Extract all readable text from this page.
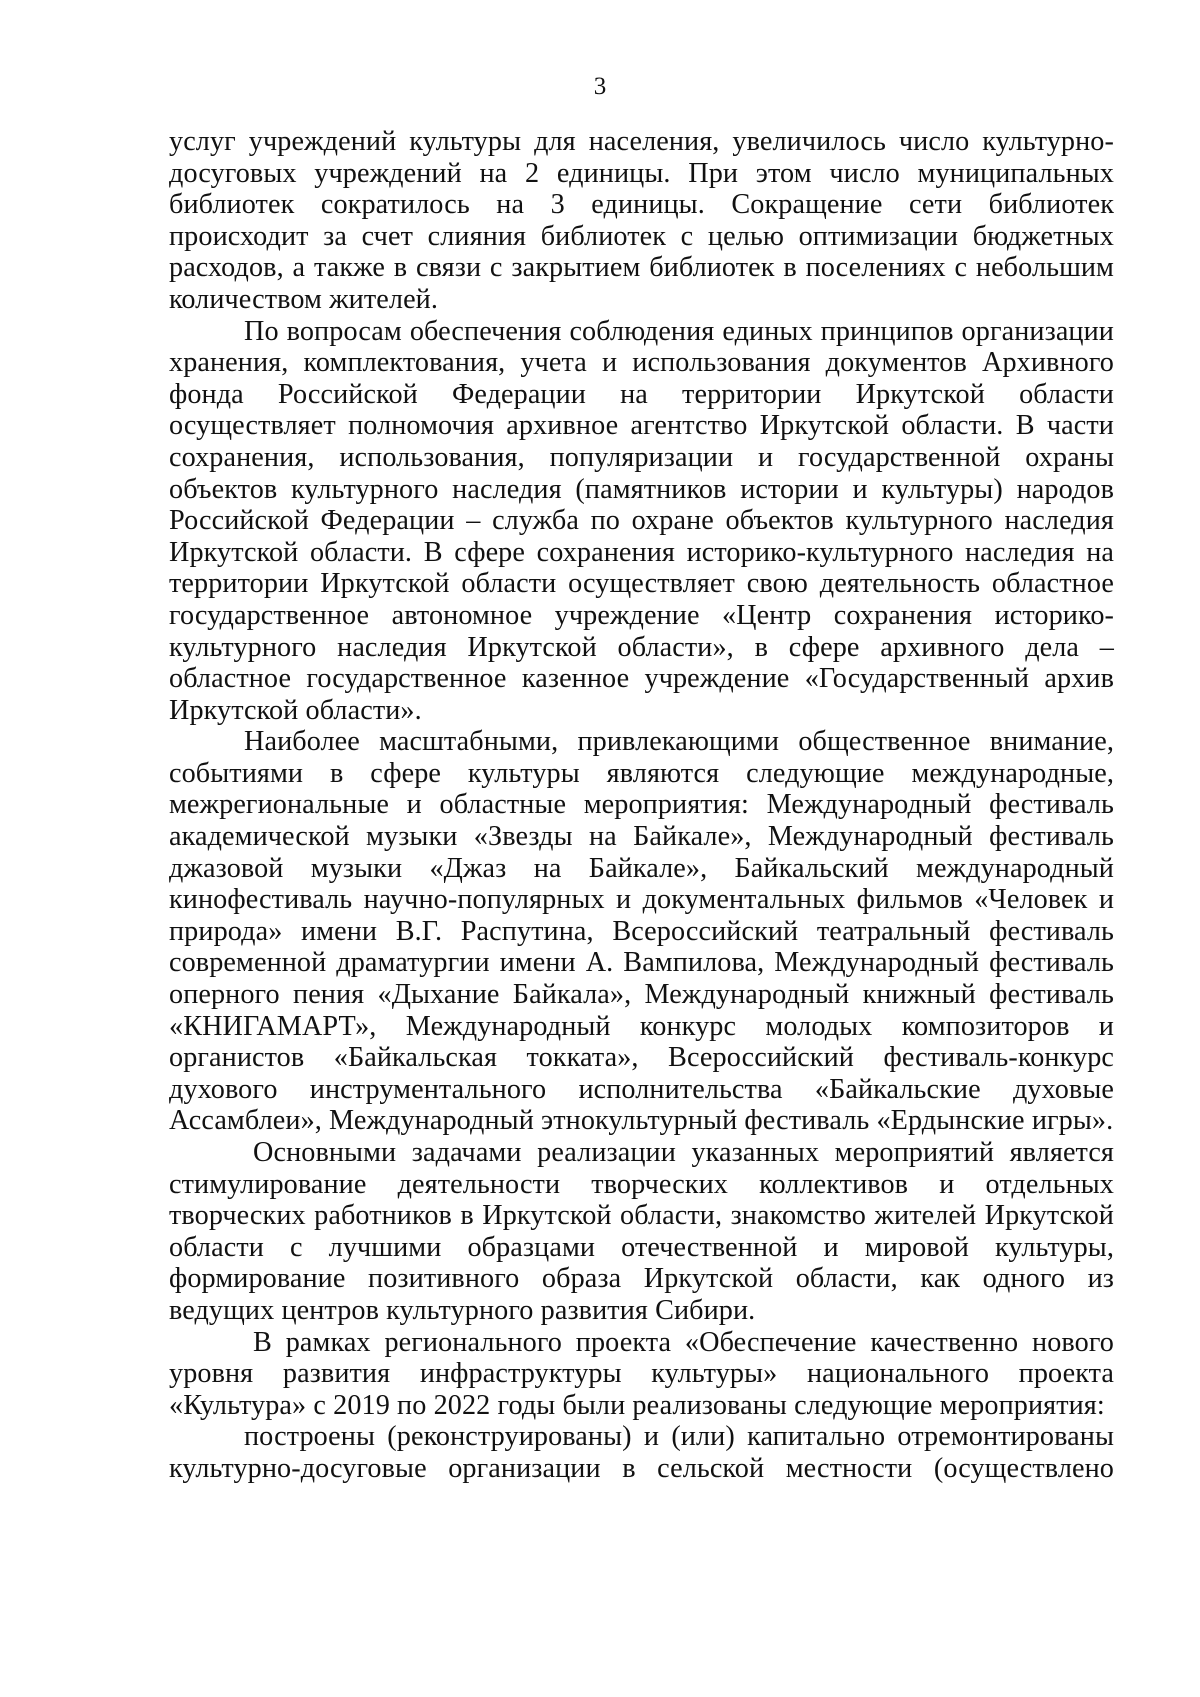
3

услуг учреждений культуры для населения, увеличилось число культурно-досуговых учреждений на 2 единицы. При этом число муниципальных библиотек сократилось на 3 единицы. Сокращение сети библиотек происходит за счет слияния библиотек с целью оптимизации бюджетных расходов, а также в связи с закрытием библиотек в поселениях с небольшим количеством жителей.

По вопросам обеспечения соблюдения единых принципов организации хранения, комплектования, учета и использования документов Архивного фонда Российской Федерации на территории Иркутской области осуществляет полномочия архивное агентство Иркутской области. В части сохранения, использования, популяризации и государственной охраны объектов культурного наследия (памятников истории и культуры) народов Российской Федерации – служба по охране объектов культурного наследия Иркутской области. В сфере сохранения историко-культурного наследия на территории Иркутской области осуществляет свою деятельность областное государственное автономное учреждение «Центр сохранения историко-культурного наследия Иркутской области», в сфере архивного дела – областное государственное казенное учреждение «Государственный архив Иркутской области».

Наиболее масштабными, привлекающими общественное внимание, событиями в сфере культуры являются следующие международные, межрегиональные и областные мероприятия: Международный фестиваль академической музыки «Звезды на Байкале», Международный фестиваль джазовой музыки «Джаз на Байкале», Байкальский международный кинофестиваль научно-популярных и документальных фильмов «Человек и природа» имени В.Г. Распутина, Всероссийский театральный фестиваль современной драматургии имени А. Вампилова, Международный фестиваль оперного пения «Дыхание Байкала», Международный книжный фестиваль «КНИГАМАРТ», Международный конкурс молодых композиторов и органистов «Байкальская токката», Всероссийский фестиваль-конкурс духового инструментального исполнительства «Байкальские духовые Ассамблеи», Международный этнокультурный фестиваль «Ердынские игры».

Основными задачами реализации указанных мероприятий является стимулирование деятельности творческих коллективов и отдельных творческих работников в Иркутской области, знакомство жителей Иркутской области с лучшими образцами отечественной и мировой культуры, формирование позитивного образа Иркутской области, как одного из ведущих центров культурного развития Сибири.

В рамках регионального проекта «Обеспечение качественно нового уровня развития инфраструктуры культуры» национального проекта «Культура» с 2019 по 2022 годы были реализованы следующие мероприятия:

построены (реконструированы) и (или) капитально отремонтированы культурно-досуговые организации в сельской местности (осуществлено
